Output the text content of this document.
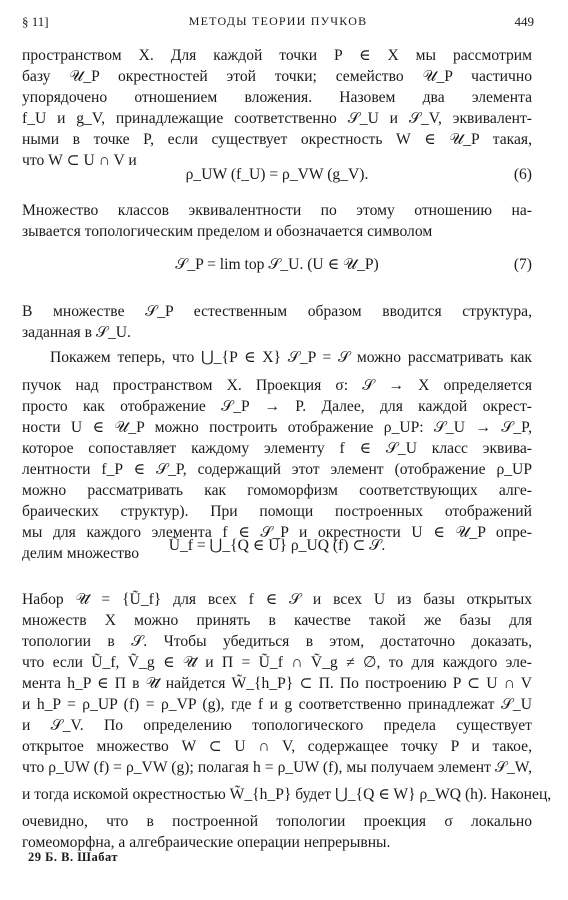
§ 11]	МЕТОДЫ ТЕОРИИ ПУЧКОВ	449
пространством X. Для каждой точки P ∈ X мы рассмотрим
базу 𝒰_P окрестностей этой точки; семейство 𝒰_P частично
упорядочено отношением вложения. Назовем два элемента
f_U и g_V, принадлежащие соответственно 𝒮_U и 𝒮_V, эквивалент-
ными в точке P, если существует окрестность W ∈ 𝒰_P такая,
что W ⊂ U ∩ V и
ρ_UW (f_U) = ρ_VW (g_V).	(6)
Множество классов эквивалентности по этому отношению на-
зывается топологическим пределом и обозначается символом
𝒮_P = lim top 𝒮_U. (U ∈ 𝒰_P)	(7)
В множестве 𝒮_P естественным образом вводится структура,
заданная в 𝒮_U.
Покажем теперь, что ⋃_{P ∈ X} 𝒮_P = 𝒮 можно рассматривать как
пучок над пространством X. Проекция σ: 𝒮 → X определяется
просто как отображение 𝒮_P → P. Далее, для каждой окрест-
ности U ∈ 𝒰_P можно построить отображение ρ_UP: 𝒮_U → 𝒮_P,
которое сопоставляет каждому элементу f ∈ 𝒮_U класс эквива-
лентности f_P ∈ 𝒮_P, содержащий этот элемент (отображение ρ_UP
можно рассматривать как гомоморфизм соответствующих алге-
браических структур). При помощи построенных отображений
мы для каждого элемента f ∈ 𝒮_P и окрестности U ∈ 𝒰_P опре-
делим множество	Ũ_f = ⋃_{Q ∈ U} ρ_UQ (f) ⊂ 𝒮.
Набор 𝒰̃ = {Ũ_f} для всех f ∈ 𝒮 и всех U из базы открытых
множеств X можно принять в качестве такой же базы для
топологии в 𝒮. Чтобы убедиться в этом, достаточно доказать,
что если Ũ_f, Ṽ_g ∈ 𝒰̃ и Π = Ũ_f ∩ Ṽ_g ≠ ∅, то для каждого эле-
мента h_P ∈ Π в 𝒰̃ найдется W̃_{h_P} ⊂ Π. По построению P ⊂ U ∩ V
и h_P = ρ_UP (f) = ρ_VP (g), где f и g соответственно принадлежат 𝒮_U
и 𝒮_V. По определению топологического предела существует
открытое множество W ⊂ U ∩ V, содержащее точку P и такое,
что ρ_UW (f) = ρ_VW (g); полагая h = ρ_UW (f), мы получаем элемент 𝒮_W,
и тогда искомой окрестностью W̃_{h_P} будет ⋃_{Q ∈ W} ρ_WQ (h). Наконец,
очевидно, что в построенной топологии проекция σ локально
гомеоморфна, а алгебраические операции непрерывны.
29 Б. В. Шабат
